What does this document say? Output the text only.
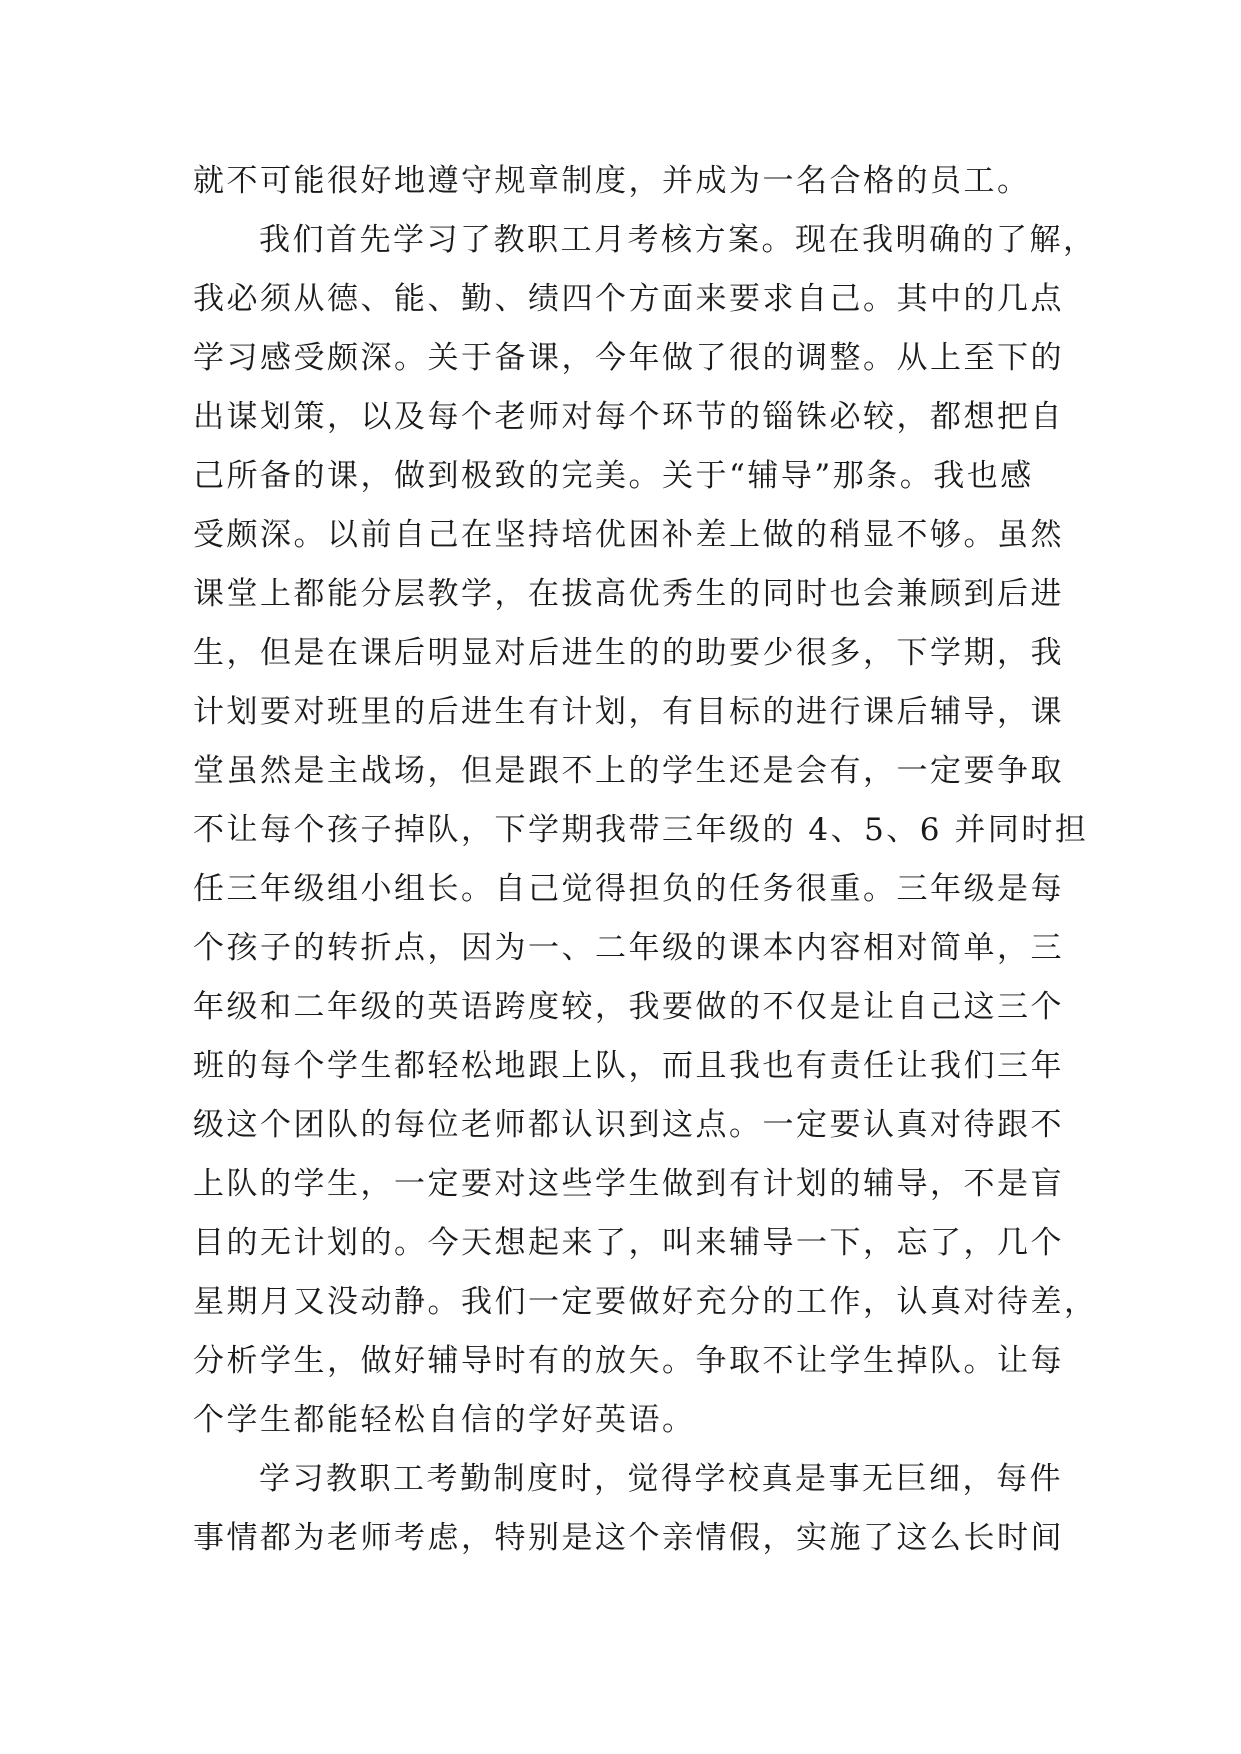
就不可能很好地遵守规章制度，并成为一名合格的员工。
我们首先学习了教职工月考核方案。现在我明确的了解，
我必须从德、能、勤、绩四个方面来要求自己。其中的几点
学习感受颇深。关于备课，今年做了很的调整。从上至下的
出谋划策，以及每个老师对每个环节的锱铢必较，都想把自
己所备的课，做到极致的完美。关于“辅导”那条。我也感
受颇深。以前自己在坚持培优困补差上做的稍显不够。虽然
课堂上都能分层教学，在拔高优秀生的同时也会兼顾到后进
生，但是在课后明显对后进生的的助要少很多，下学期，我
计划要对班里的后进生有计划，有目标的进行课后辅导，课
堂虽然是主战场，但是跟不上的学生还是会有，一定要争取
不让每个孩子掉队，下学期我带三年级的 4、5、6 并同时担
任三年级组小组长。自己觉得担负的任务很重。三年级是每
个孩子的转折点，因为一、二年级的课本内容相对简单，三
年级和二年级的英语跨度较，我要做的不仅是让自己这三个
班的每个学生都轻松地跟上队，而且我也有责任让我们三年
级这个团队的每位老师都认识到这点。一定要认真对待跟不
上队的学生，一定要对这些学生做到有计划的辅导，不是盲
目的无计划的。今天想起来了，叫来辅导一下，忘了，几个
星期月又没动静。我们一定要做好充分的工作，认真对待差，
分析学生，做好辅导时有的放矢。争取不让学生掉队。让每
个学生都能轻松自信的学好英语。
学习教职工考勤制度时，觉得学校真是事无巨细，每件
事情都为老师考虑，特别是这个亲情假，实施了这么长时间
